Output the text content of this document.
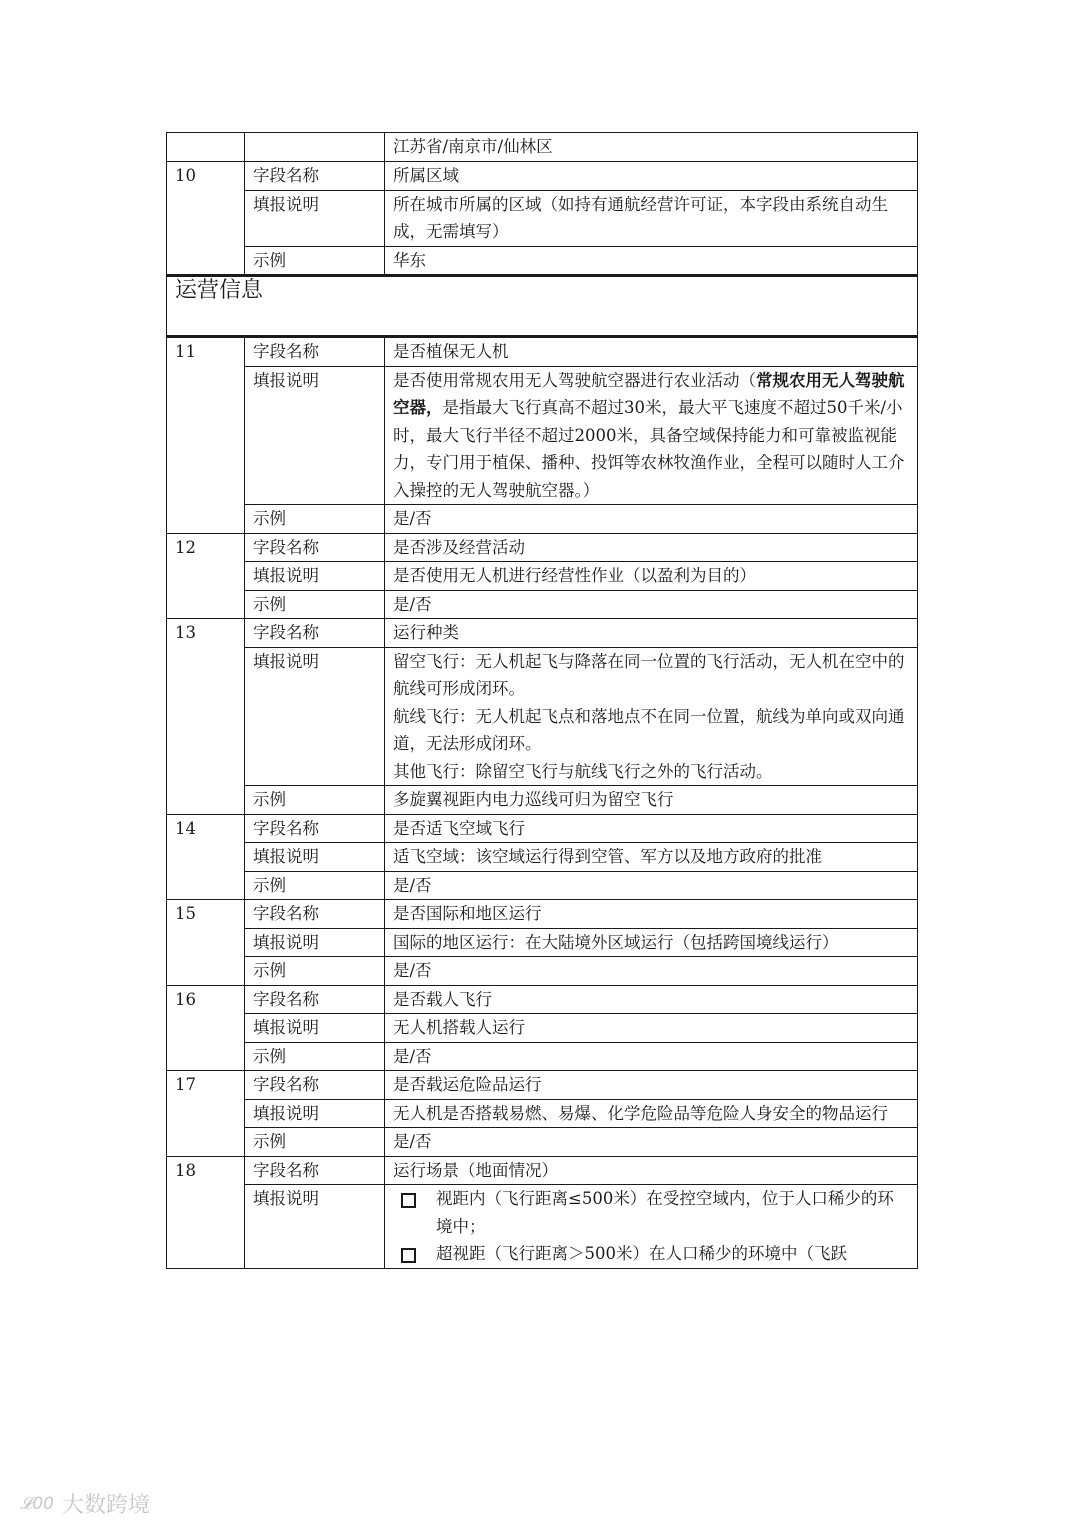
		江苏省/南京市/仙林区
10	字段名称	所属区域
	填报说明	所在城市所属的区域（如持有通航经营许可证，本字段由系统自动生成，无需填写）
	示例	华东
运营信息		
11	字段名称	是否植保无人机
	填报说明	是否使用常规农用无人驾驶航空器进行农业活动（常规农用无人驾驶航空器，是指最大飞行真高不超过30米，最大平飞速度不超过50千米/小时，最大飞行半径不超过2000米，具备空域保持能力和可靠被监视能力，专门用于植保、播种、投饵等农林牧渔作业，全程可以随时人工介入操控的无人驾驶航空器。）
	示例	是/否
12	字段名称	是否涉及经营活动
	填报说明	是否使用无人机进行经营性作业（以盈利为目的）
	示例	是/否
13	字段名称	运行种类
	填报说明	留空飞行：无人机起飞与降落在同一位置的飞行活动，无人机在空中的航线可形成闭环。
航线飞行：无人机起飞点和落地点不在同一位置，航线为单向或双向通道，无法形成闭环。
其他飞行：除留空飞行与航线飞行之外的飞行活动。

	示例	多旋翼视距内电力巡线可归为留空飞行
14	字段名称	是否适飞空域飞行
	填报说明	适飞空域：该空域运行得到空管、军方以及地方政府的批准
	示例	是/否
15	字段名称	是否国际和地区运行
	填报说明	国际的地区运行：在大陆境外区域运行（包括跨国境线运行）
	示例	是/否
16	字段名称	是否载人飞行
	填报说明	无人机搭载人运行
	示例	是/否
17	字段名称	是否载运危险品运行
	填报说明	无人机是否搭载易燃、易爆、化学危险品等危险人身安全的物品运行
	示例	是/否
18	字段名称	运行场景（地面情况）
	填报说明	视距内（飞行距离≤500米）在受控空域内，位于人口稀少的环境中；
超视距（飞行距离＞500米）在人口稀少的环境中（飞跃
𝓛00 大数跨境
